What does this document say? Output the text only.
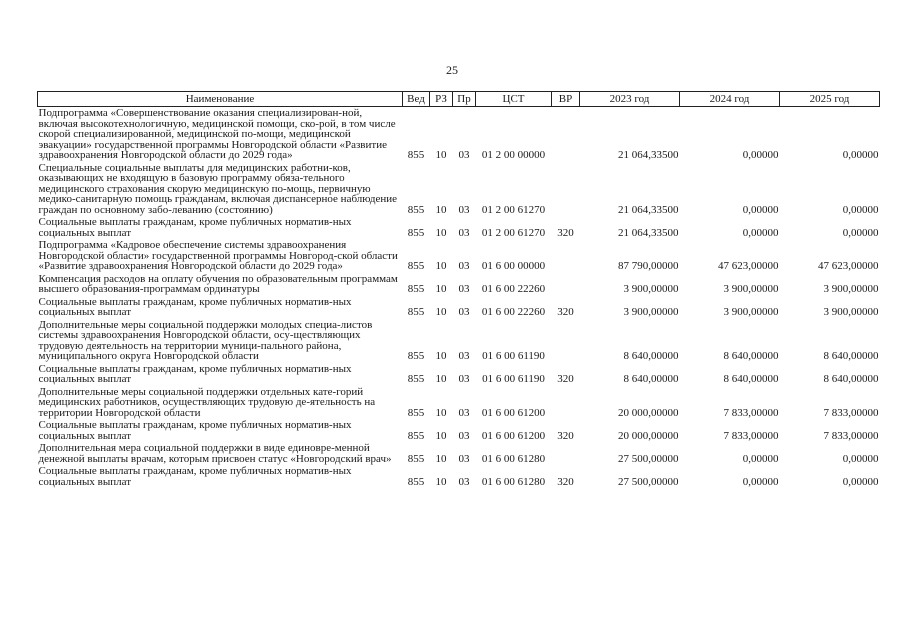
25
Наименование	Вед	РЗ	Пр	ЦСТ	ВР	2023 год	2024 год	2025 год
Подпрограмма «Совершенствование оказания специализирован-ной, включая высокотехнологичную, медицинской помощи, ско-рой, в том числе скорой специализированной, медицинской по-мощи, медицинской эвакуации» государственной программы Новгородской области «Развитие здравоохранения Новгородской области до 2029 года»	855	10	03	01 2 00 00000		21 064,33500	0,00000	0,00000
Специальные социальные выплаты для медицинских работни-ков, оказывающих не входящую в базовую программу обяза-тельного медицинского страхования скорую медицинскую по-мощь, первичную медико-санитарную помощь гражданам, включая диспансерное наблюдение граждан по основному забо-леванию (состоянию)	855	10	03	01 2 00 61270		21 064,33500	0,00000	0,00000
Социальные выплаты гражданам, кроме публичных норматив-ных социальных выплат	855	10	03	01 2 00 61270	320	21 064,33500	0,00000	0,00000
Подпрограмма «Кадровое обеспечение системы здравоохранения Новгородской области» государственной программы Новгород-ской области «Развитие здравоохранения Новгородской области до 2029 года»	855	10	03	01 6 00 00000		87 790,00000	47 623,00000	47 623,00000
Компенсация расходов на оплату обучения по образовательным программам высшего образования-программам ординатуры	855	10	03	01 6 00 22260		3 900,00000	3 900,00000	3 900,00000
Социальные выплаты гражданам, кроме публичных норматив-ных социальных выплат	855	10	03	01 6 00 22260	320	3 900,00000	3 900,00000	3 900,00000
Дополнительные меры социальной поддержки молодых специа-листов системы здравоохранения Новгородской области, осу-ществляющих трудовую деятельность на территории муници-пального района, муниципального округа Новгородской области	855	10	03	01 6 00 61190		8 640,00000	8 640,00000	8 640,00000
Социальные выплаты гражданам, кроме публичных норматив-ных социальных выплат	855	10	03	01 6 00 61190	320	8 640,00000	8 640,00000	8 640,00000
Дополнительные меры социальной поддержки отдельных кате-горий медицинских работников, осуществляющих трудовую де-ятельность на территории Новгородской области	855	10	03	01 6 00 61200		20 000,00000	7 833,00000	7 833,00000
Социальные выплаты гражданам, кроме публичных норматив-ных социальных выплат	855	10	03	01 6 00 61200	320	20 000,00000	7 833,00000	7 833,00000
Дополнительная мера социальной поддержки в виде единовре-менной денежной выплаты врачам, которым присвоен статус «Новгородский врач»	855	10	03	01 6 00 61280		27 500,00000	0,00000	0,00000
Социальные выплаты гражданам, кроме публичных норматив-ных социальных выплат	855	10	03	01 6 00 61280	320	27 500,00000	0,00000	0,00000
